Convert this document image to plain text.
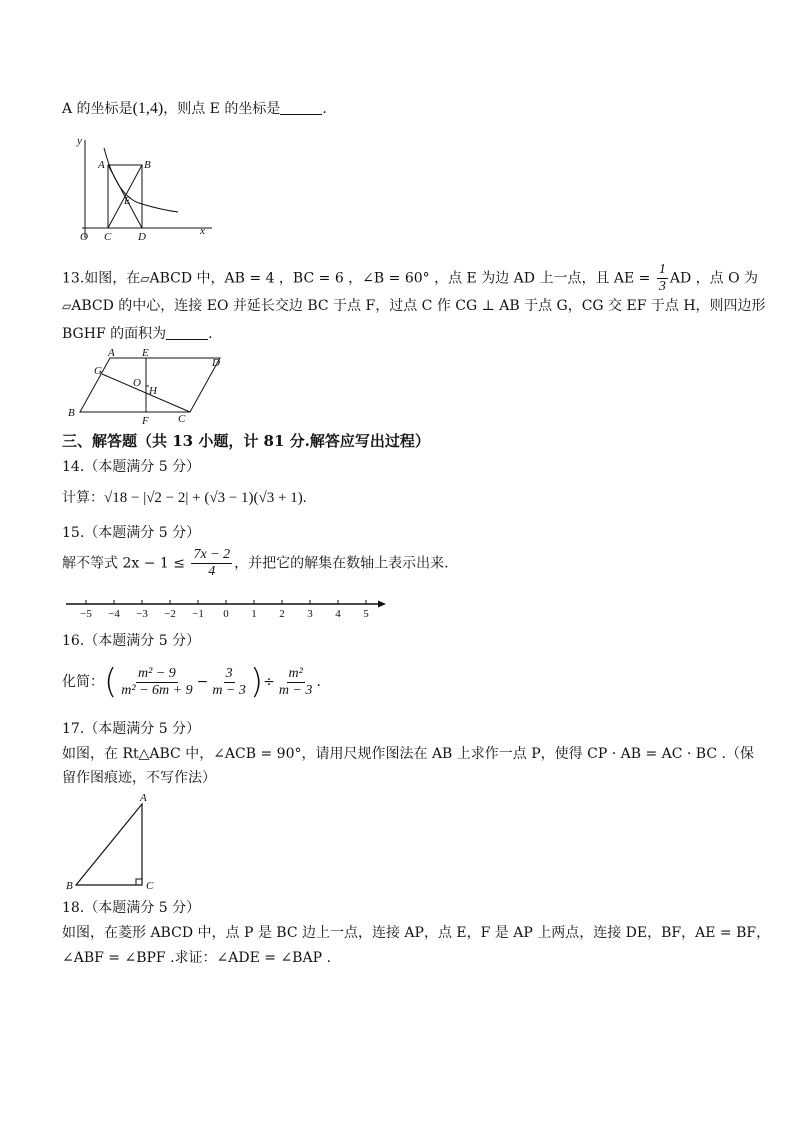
A 的坐标是(1,4)，则点 E 的坐标是	.
y
x
O
A	B
C D
E
13.如图，在▱ABCD 中，AB = 4 ，BC = 6 ，∠B = 60° ，点 E 为边 AD 上一点，且 AE = $\frac{1}{3}$ AD ，点 O 为
▱ABCD 的中心，连接 EO 并延长交边 BC 于点 F，过点 C 作 CG ⊥ AB 于点 G，CG 交 EF 于点 H，则四边形
BGHF 的面积为	.
A E
D
G
O
H
B
F	C
三、解答题（共 13 小题，计 81 分.解答应写出过程）
14.（本题满分 5 分）
计算：√18 − |√2 − 2| + (√3 − 1)(√3 + 1).
15.（本题满分 5 分）
解不等式 $2x - 1 \le \frac{7x - 2}{4}$ ，并把它的解集在数轴上表示出来.
−5 −4 −3 −2 −1 0 1 2 3 4 5
16.（本题满分 5 分）
化简：( $\frac{\text{m² − 9}}{\text{m² − 6m + 9}} - \frac{3}{m - 3}$ )÷ $\frac{\text{m²}}{m - 3}$ .
17.（本题满分 5 分）
如图，在 Rt△ABC 中，∠ACB = 90°，请用尺规作图法在 AB 上求作一点 P，使得 CP · AB = AC · BC .（保
留作图痕迹，不写作法）
A
B	C
18.（本题满分 5 分）
如图，在菱形 ABCD 中，点 P 是 BC 边上一点，连接 AP，点 E，F 是 AP 上两点，连接 DE，BF，AE = BF，
∠ABF = ∠BPF .求证：∠ADE = ∠BAP .
